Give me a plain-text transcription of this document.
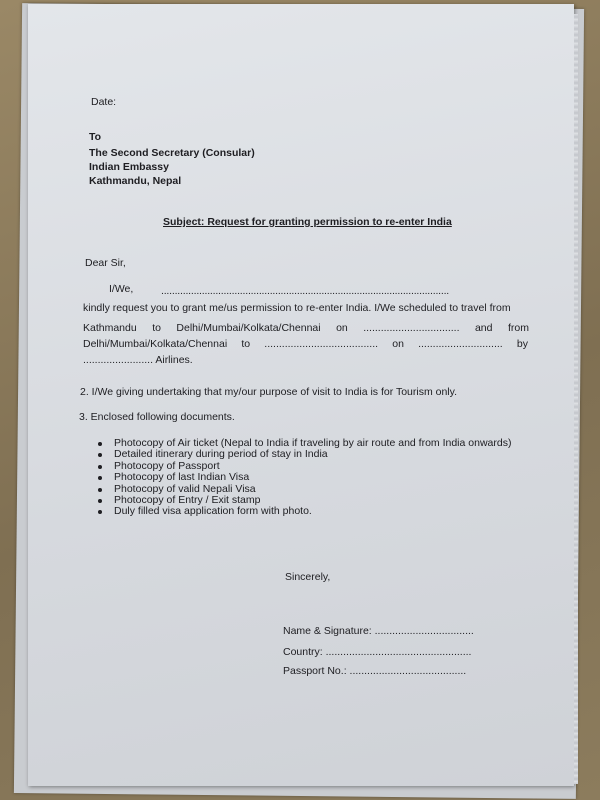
Date:
To
The Second Secretary (Consular)
Indian Embassy
Kathmandu, Nepal
Subject: Request for granting permission to re-enter India
Dear Sir,
I/We,	..........................................................................................................
kindly request you to grant me/us permission to re-enter India. I/We scheduled to travel from
Kathmandu to Delhi/Mumbai/Kolkata/Chennai on ................................. and from
Delhi/Mumbai/Kolkata/Chennai to ....................................... on ............................. by
........................ Airlines.
2. I/We giving undertaking that my/our purpose of visit to India is for Tourism only.
3. Enclosed following documents.
Photocopy of Air ticket (Nepal to India if traveling by air route and from India onwards)
Detailed itinerary during period of stay in India
Photocopy of Passport
Photocopy of last Indian Visa
Photocopy of valid Nepali Visa
Photocopy of Entry / Exit stamp
Duly filled visa application form with photo.
Sincerely,
Name & Signature: ..................................
Country: ..................................................
Passport No.: ........................................
